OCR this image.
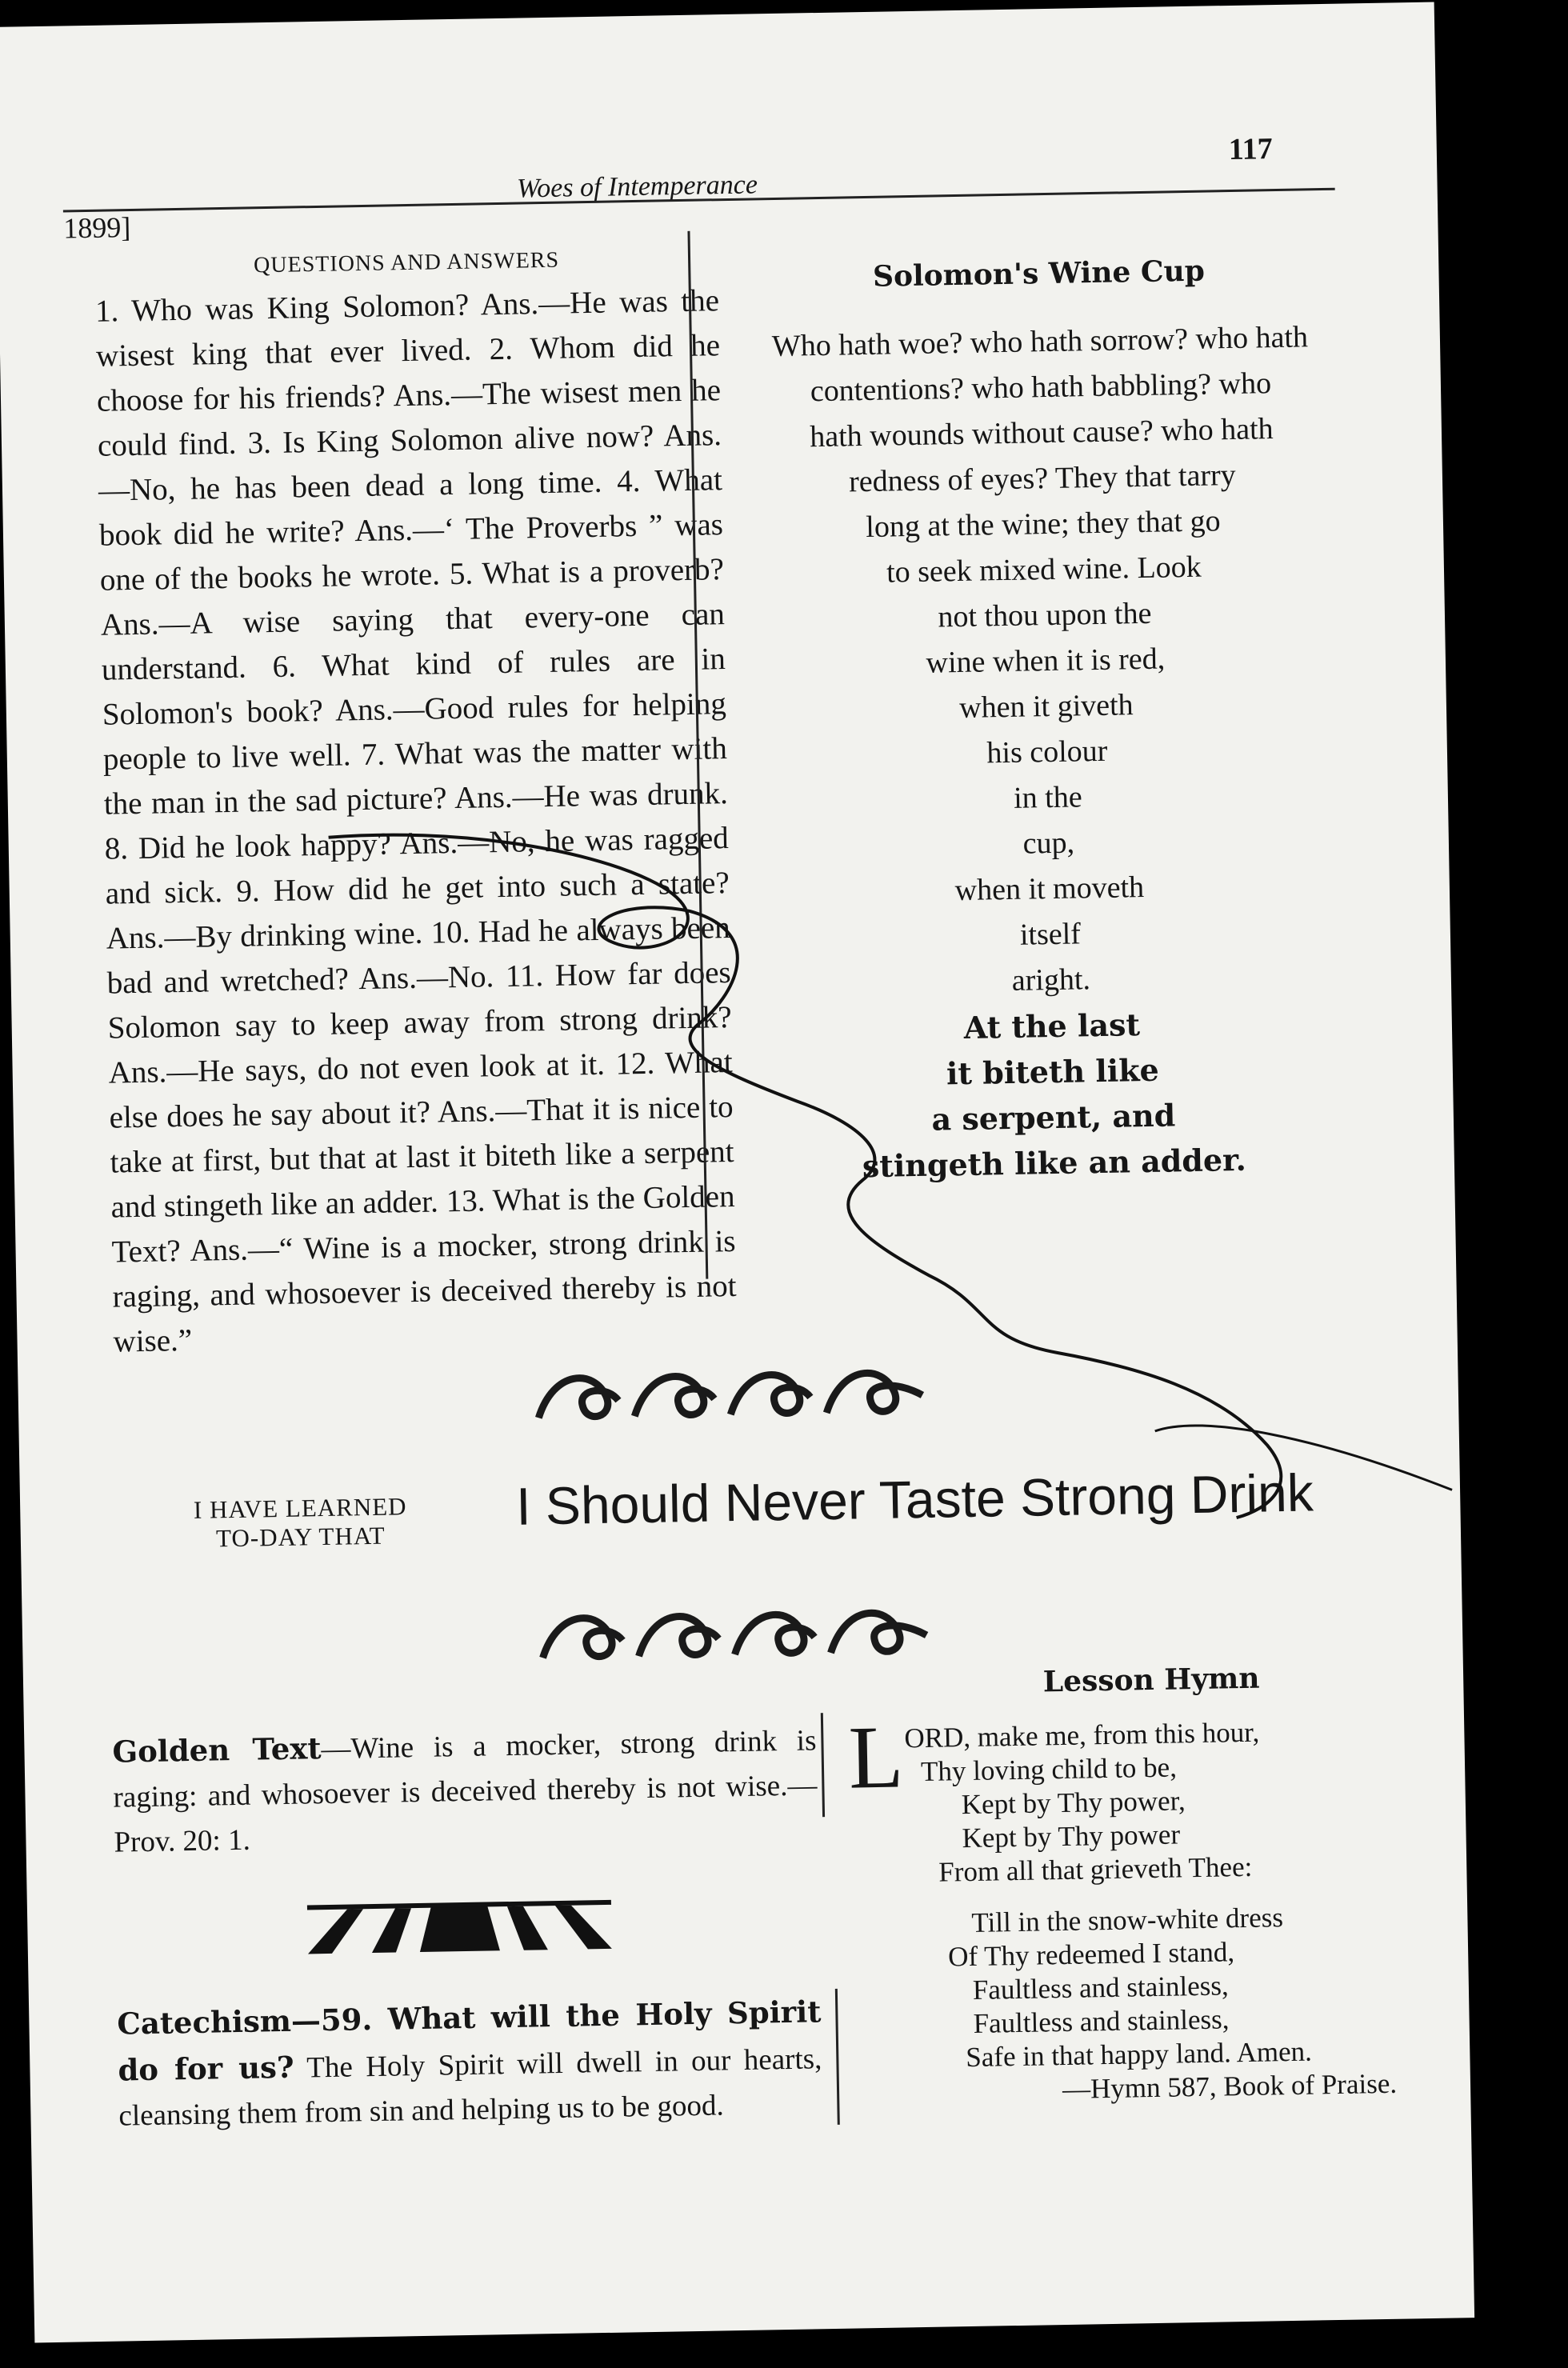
1899]
Woes of Intemperance
117
QUESTIONS AND ANSWERS
1. Who was King Solomon? Ans.—He was the wisest king that ever lived. 2. Whom did he choose for his friends? Ans.—The wisest men he could find. 3. Is King Solomon alive now? Ans.—No, he has been dead a long time. 4. What book did he write? Ans.—‘ The Proverbs ” was one of the books he wrote. 5. What is a proverb? Ans.—A wise saying that every-one can understand. 6. What kind of rules are in Solomon's book? Ans.—Good rules for helping people to live well. 7. What was the matter with the man in the sad picture? Ans.—He was drunk. 8. Did he look happy? Ans.—No, he was ragged and sick. 9. How did he get into such a state? Ans.—By drinking wine. 10. Had he always been bad and wretched? Ans.—No. 11. How far does Solomon say to keep away from strong drink? Ans.—He says, do not even look at it. 12. What else does he say about it? Ans.—That it is nice to take at first, but that at last it biteth like a serpent and stingeth like an adder. 13. What is the Golden Text? Ans.—“ Wine is a mocker, strong drink is raging, and whosoever is deceived thereby is not wise.”
Solomon's Wine Cup
Who hath woe? who hath sorrow? who hath
contentions? who hath babbling? who
hath wounds without cause? who hath
redness of eyes? They that tarry
long at the wine; they that go
to seek mixed wine. Look
not thou upon the
wine when it is red,
when it giveth
his colour
in the
cup,
when it moveth
itself
aright.
At the last
it biteth like
a serpent, and
stingeth like an adder.
I HAVE LEARNED
TO-DAY THAT
I Should Never Taste Strong Drink
Golden Text—Wine is a mocker, strong drink is raging: and whosoever is deceived thereby is not wise.—Prov. 20: 1.
Catechism—59. What will the Holy Spirit do for us? The Holy Spirit will dwell in our hearts, cleansing them from sin and helping us to be good.
Lesson Hymn
L ORD, make me, from this hour,
Thy loving child to be,
Kept by Thy power,
Kept by Thy power
From all that grieveth Thee:
Till in the snow-white dress
Of Thy redeemed I stand,
Faultless and stainless,
Faultless and stainless,
Safe in that happy land. Amen.
—Hymn 587, Book of Praise.
